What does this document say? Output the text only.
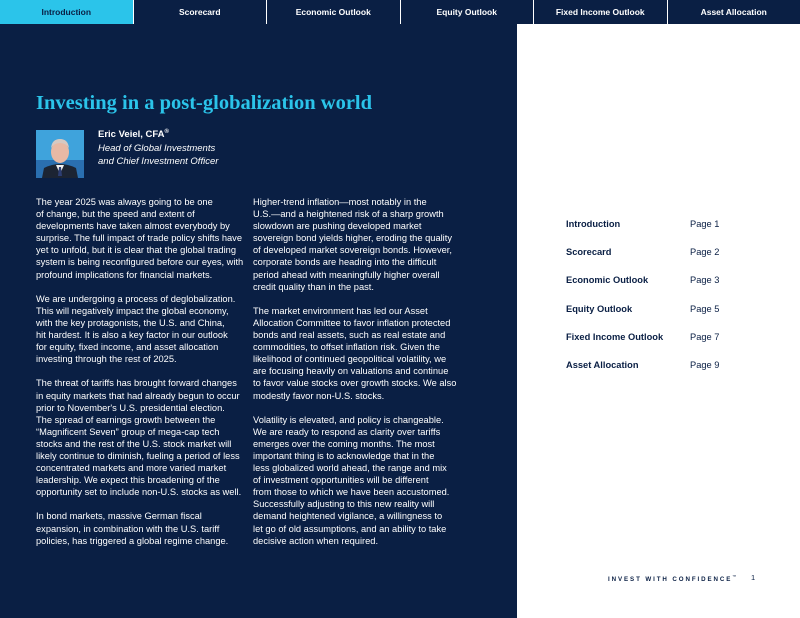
Introduction	Scorecard	Economic Outlook	Equity Outlook	Fixed Income Outlook	Asset Allocation
Investing in a post-globalization world
Eric Veiel, CFA®
Head of Global Investments
and Chief Investment Officer

The year 2025 was always going to be one
of change, but the speed and extent of
developments have taken almost everybody by
surprise. The full impact of trade policy shifts have
yet to unfold, but it is clear that the global trading
system is being reconfigured before our eyes, with
profound implications for financial markets.

We are undergoing a process of deglobalization.
This will negatively impact the global economy,
with the key protagonists, the U.S. and China,
hit hardest. It is also a key factor in our outlook
for equity, fixed income, and asset allocation
investing through the rest of 2025.

The threat of tariffs has brought forward changes
in equity markets that had already begun to occur
prior to November's U.S. presidential election.
The spread of earnings growth between the
“Magnificent Seven” group of mega-cap tech
stocks and the rest of the U.S. stock market will
likely continue to diminish, fueling a period of less
concentrated markets and more varied market
leadership. We expect this broadening of the
opportunity set to include non-U.S. stocks as well.

In bond markets, massive German fiscal
expansion, in combination with the U.S. tariff
policies, has triggered a global regime change.

Higher-trend inflation—most notably in the
U.S.—and a heightened risk of a sharp growth
slowdown are pushing developed market
sovereign bond yields higher, eroding the quality
of developed market sovereign bonds. However,
corporate bonds are heading into the difficult
period ahead with meaningfully higher overall
credit quality than in the past.

The market environment has led our Asset
Allocation Committee to favor inflation protected
bonds and real assets, such as real estate and
commodities, to offset inflation risk. Given the
likelihood of continued geopolitical volatility, we
are focusing heavily on valuations and continue
to favor value stocks over growth stocks. We also
modestly favor non-U.S. stocks.

Volatility is elevated, and policy is changeable.
We are ready to respond as clarity over tariffs
emerges over the coming months. The most
important thing is to acknowledge that in the
less globalized world ahead, the range and mix
of investment opportunities will be different
from those to which we have been accustomed.
Successfully adjusting to this new reality will
demand heightened vigilance, a willingness to
let go of old assumptions, and an ability to take
decisive action when required.

Introduction	Page 1
Scorecard	Page 2
Economic Outlook	Page 3
Equity Outlook	Page 5
Fixed Income Outlook	Page 7
Asset Allocation	Page 9
INVEST WITH CONFIDENCE™ 1
